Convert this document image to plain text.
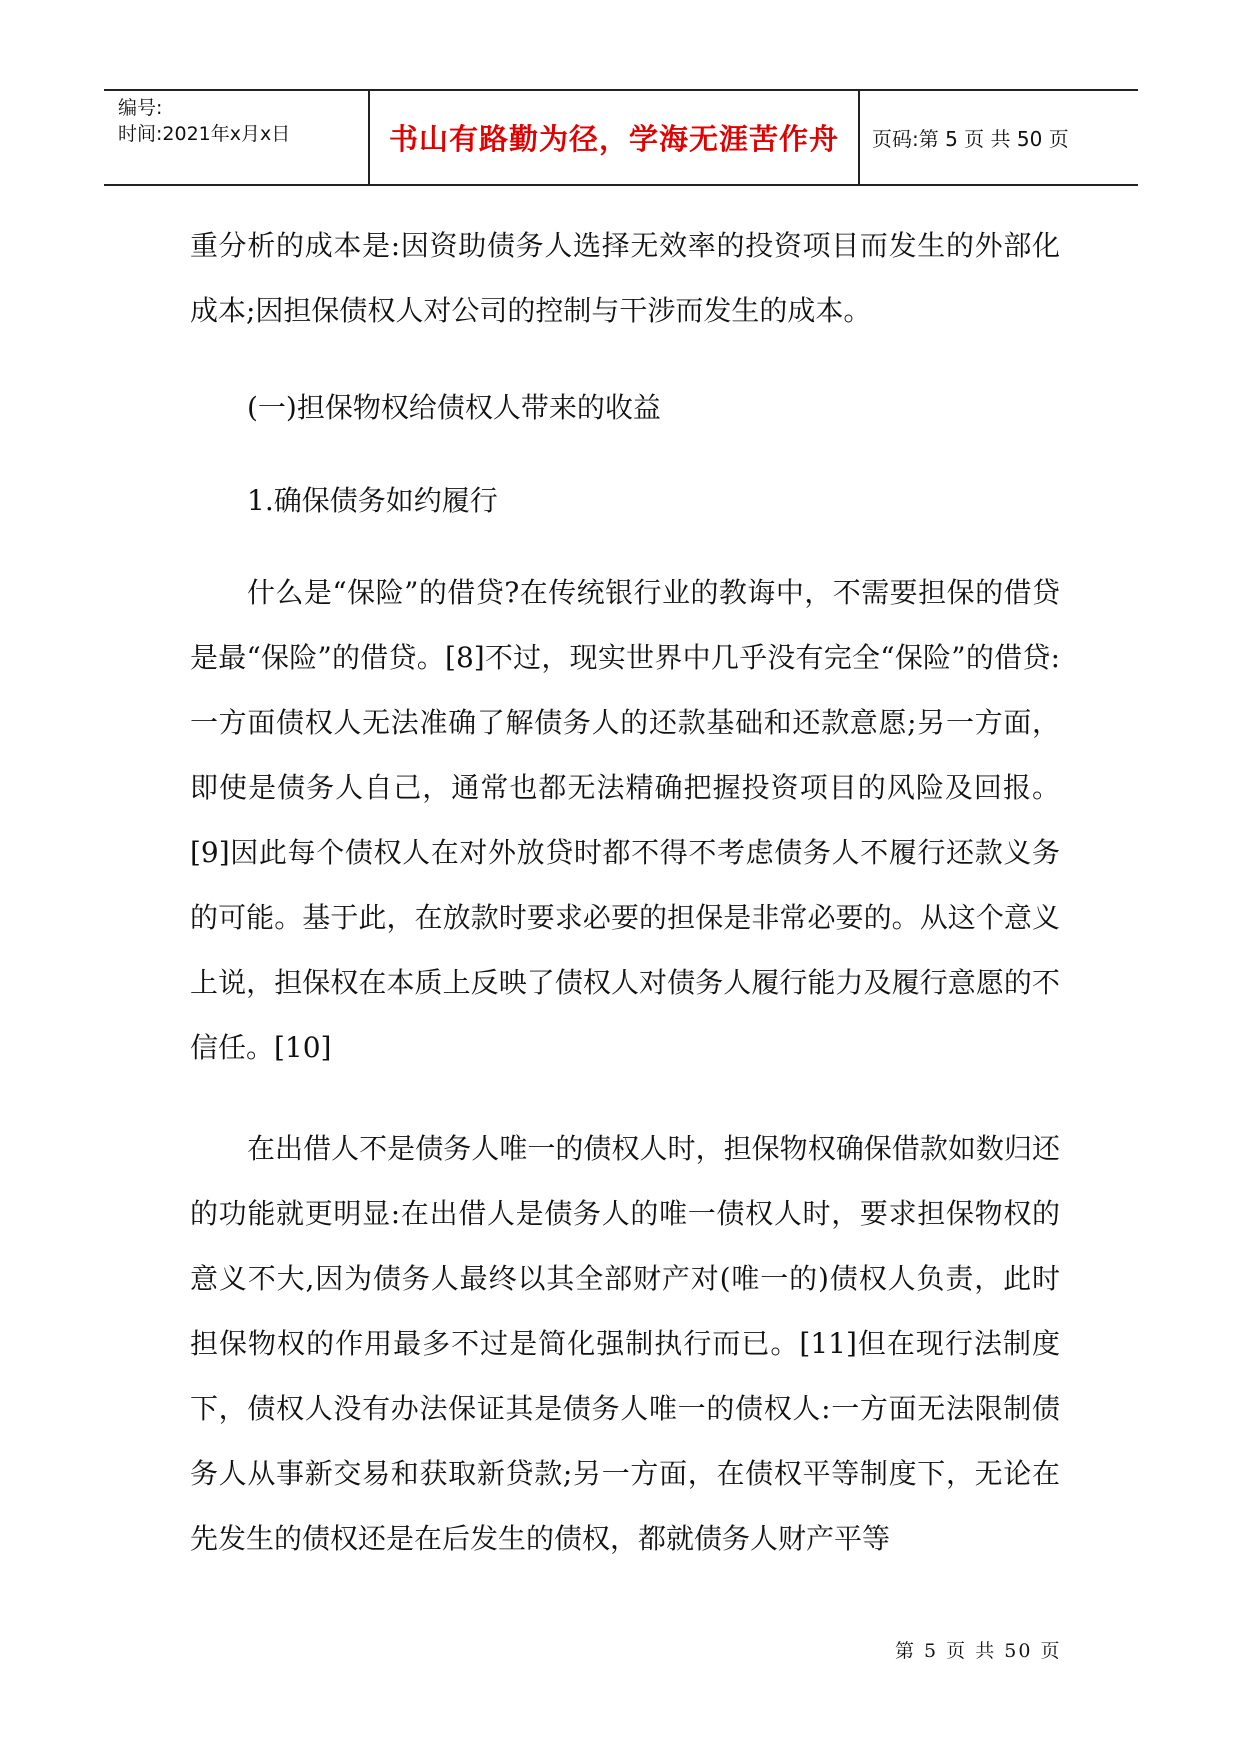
编号:
时间:2021年x月x日	书山有路勤为径，学海无涯苦作舟	页码:第 5 页 共 50 页

重分析的成本是:因资助债务人选择无效率的投资项目而发生的外部化成本;因担保债权人对公司的控制与干涉而发生的成本。

(一)担保物权给债权人带来的收益

1.确保债务如约履行

什么是“保险”的借贷?在传统银行业的教诲中，不需要担保的借贷是最“保险”的借贷。[8]不过，现实世界中几乎没有完全“保险”的借贷:一方面债权人无法准确了解债务人的还款基础和还款意愿;另一方面，即使是债务人自己，通常也都无法精确把握投资项目的风险及回报。[9]因此每个债权人在对外放贷时都不得不考虑债务人不履行还款义务的可能。基于此，在放款时要求必要的担保是非常必要的。从这个意义上说，担保权在本质上反映了债权人对债务人履行能力及履行意愿的不信任。[10]

在出借人不是债务人唯一的债权人时，担保物权确保借款如数归还的功能就更明显:在出借人是债务人的唯一债权人时，要求担保物权的意义不大,因为债务人最终以其全部财产对(唯一的)债权人负责，此时担保物权的作用最多不过是简化强制执行而已。[11]但在现行法制度下，债权人没有办法保证其是债务人唯一的债权人:一方面无法限制债务人从事新交易和获取新贷款;另一方面，在债权平等制度下，无论在先发生的债权还是在后发生的债权，都就债务人财产平等

第 5 页 共 50 页
